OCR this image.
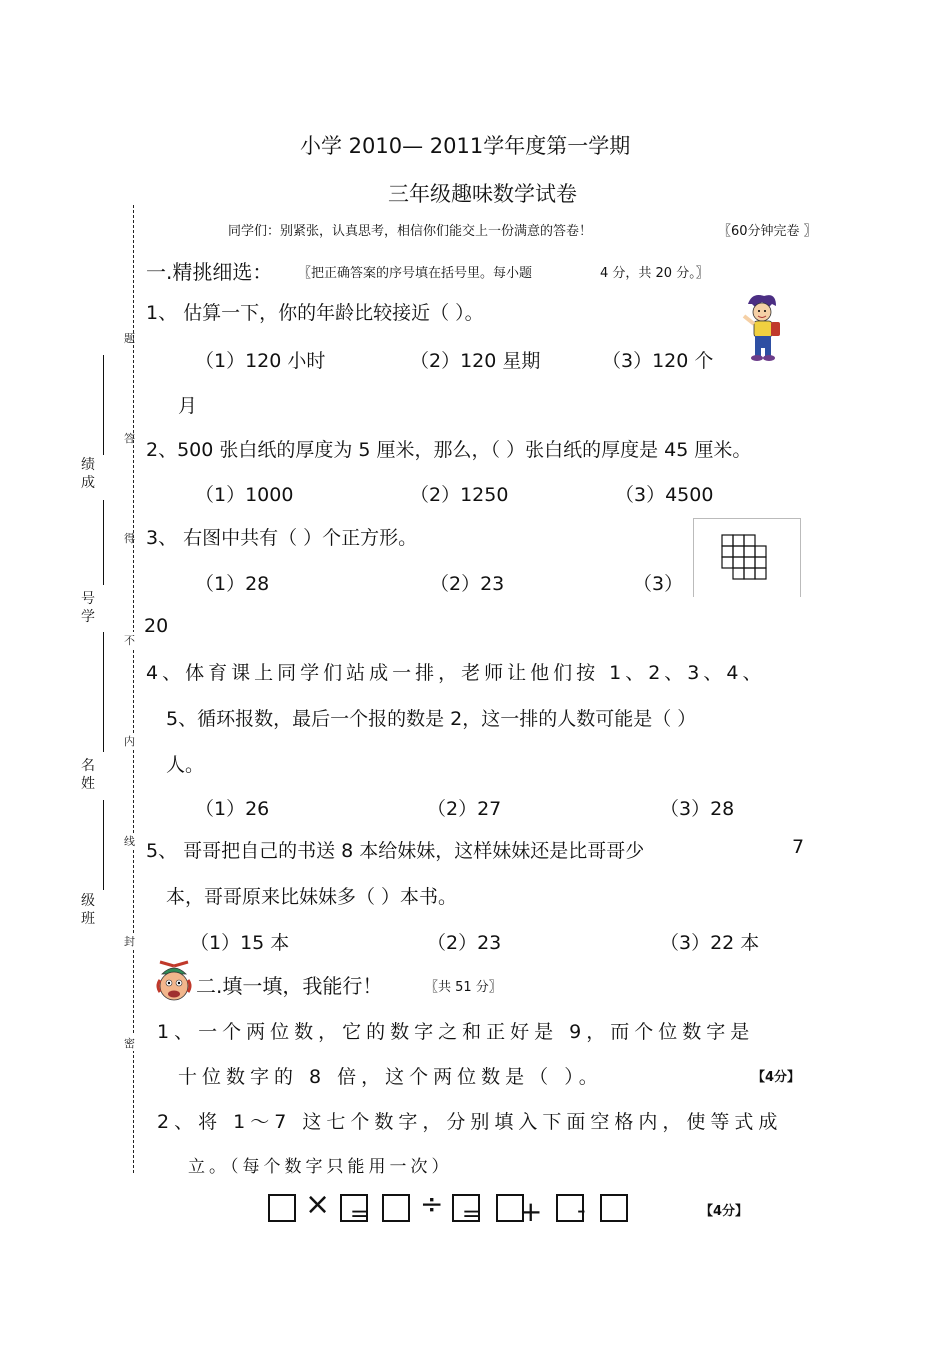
小学 2010— 2011学年度第一学期
三年级趣味数学试卷
同学们：别紧张，认真思考，相信你们能交上一份满意的答卷！	〖60分钟完卷 〗
绩成
号学
名姓
级班
题
答
得
不
内
线
封
密
一.精挑细选： 〖把正确答案的序号填在括号里。每小题	4 分，共 20 分。〗
1、 估算一下，你的年龄比较接近（ ）。
（1）120 小时	（2）120 星期	（3）120 个
月
2、500 张白纸的厚度为 5 厘米，那么，（ ）张白纸的厚度是 45 厘米。
（1）1000	（2）1250	（3）4500
3、 右图中共有（ ）个正方形。
（1）28	（2）23	（3）
20
4、体育课上同学们站成一排，老师让他们按 1、2、3、4、
5、循环报数，最后一个报的数是 2，这一排的人数可能是（ ）
人。
（1）26	（2）27	（3）28
5、 哥哥把自己的书送 8 本给妹妹，这样妹妹还是比哥哥少	7
本，哥哥原来比妹妹多（ ）本书。
（1）15 本	（2）23	（3）22 本
二.填一填，我能行！	〖共 51 分〗
1、一个两位数，它的数字之和正好是 9，而个位数字是
十位数字的 8 倍，这个两位数是（ ）。	【4分】
2、将 1～7 这七个数字，分别填入下面空格内，使等式成
立。（每个数字只能用一次）
× = ÷ = + -	【4分】
